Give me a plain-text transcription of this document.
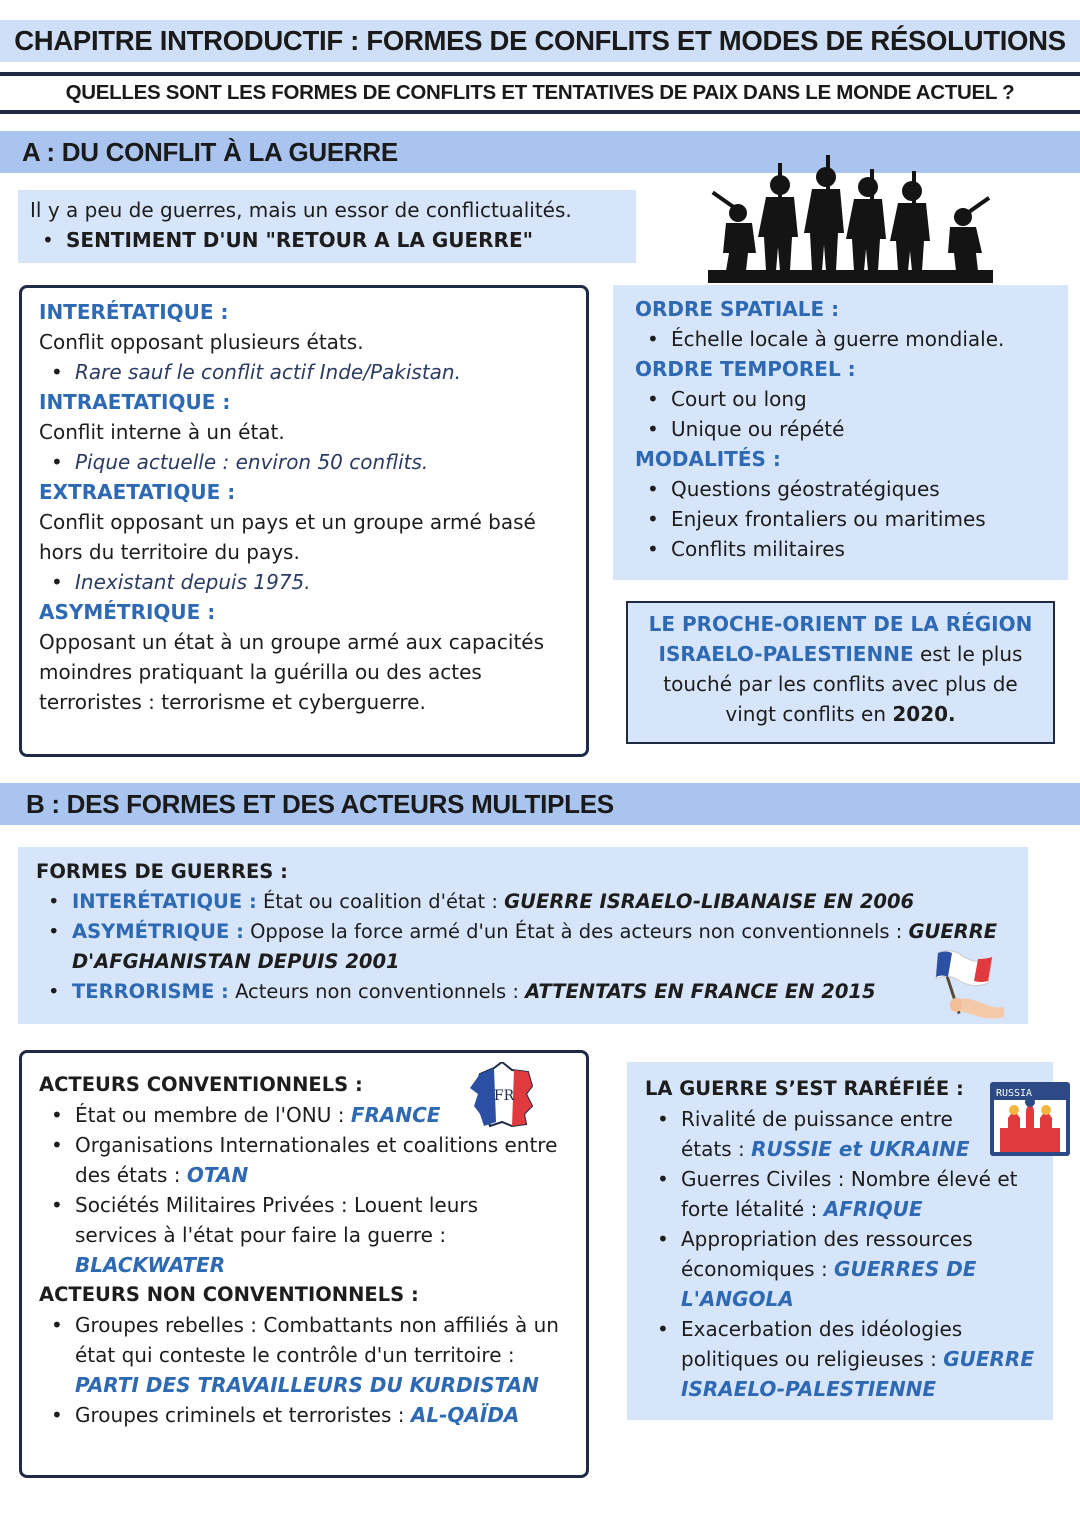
CHAPITRE INTRODUCTIF : FORMES DE CONFLITS ET MODES DE RÉSOLUTIONS
QUELLES SONT LES FORMES DE CONFLITS ET TENTATIVES DE PAIX DANS LE MONDE ACTUEL ?
A : DU CONFLIT À LA GUERRE
Il y a peu de guerres, mais un essor de conflictualités.
• SENTIMENT D'UN "RETOUR A LA GUERRE"
INTERÉTATIQUE :
Conflit opposant plusieurs états.
• Rare sauf le conflit actif Inde/Pakistan.
INTRAETATIQUE :
Conflit interne à un état.
• Pique actuelle : environ 50 conflits.
EXTRAETATIQUE :
Conflit opposant un pays et un groupe armé basé hors du territoire du pays.
• Inexistant depuis 1975.
ASYMÉTRIQUE :
Opposant un état à un groupe armé aux capacités moindres pratiquant la guérilla ou des actes terroristes : terrorisme et cyberguerre.
ORDRE SPATIALE :
• Échelle locale à guerre mondiale.
ORDRE TEMPOREL :
• Court ou long
• Unique ou répété
MODALITÉS :
• Questions géostratégiques
• Enjeux frontaliers ou maritimes
• Conflits militaires
LE PROCHE-ORIENT DE LA RÉGION ISRAELO-PALESTIENNE est le plus touché par les conflits avec plus de vingt conflits en 2020.
B : DES FORMES ET DES ACTEURS MULTIPLES
FORMES DE GUERRES :
• INTERÉTATIQUE : État ou coalition d'état : GUERRE ISRAELO-LIBANAISE EN 2006
• ASYMÉTRIQUE : Oppose la force armé d'un État à des acteurs non conventionnels : GUERRE D'AFGHANISTAN DEPUIS 2001
• TERRORISME : Acteurs non conventionnels : ATTENTATS EN FRANCE EN 2015
ACTEURS CONVENTIONNELS :
• État ou membre de l'ONU : FRANCE
• Organisations Internationales et coalitions entre des états : OTAN
• Sociétés Militaires Privées : Louent leurs services à l'état pour faire la guerre : BLACKWATER
ACTEURS NON CONVENTIONNELS :
• Groupes rebelles : Combattants non affiliés à un état qui conteste le contrôle d'un territoire : PARTI DES TRAVAILLEURS DU KURDISTAN
• Groupes criminels et terroristes : AL-QAÏDA
FR	LA GUERRE S’EST RARÉFIÉE :
• Rivalité de puissance entre états : RUSSIE et UKRAINE
• Guerres Civiles : Nombre élevé et forte létalité : AFRIQUE
• Appropriation des ressources économiques : GUERRES DE L'ANGOLA
• Exacerbation des idéologies politiques ou religieuses : GUERRE ISRAELO-PALESTIENNE
RUSSIA
